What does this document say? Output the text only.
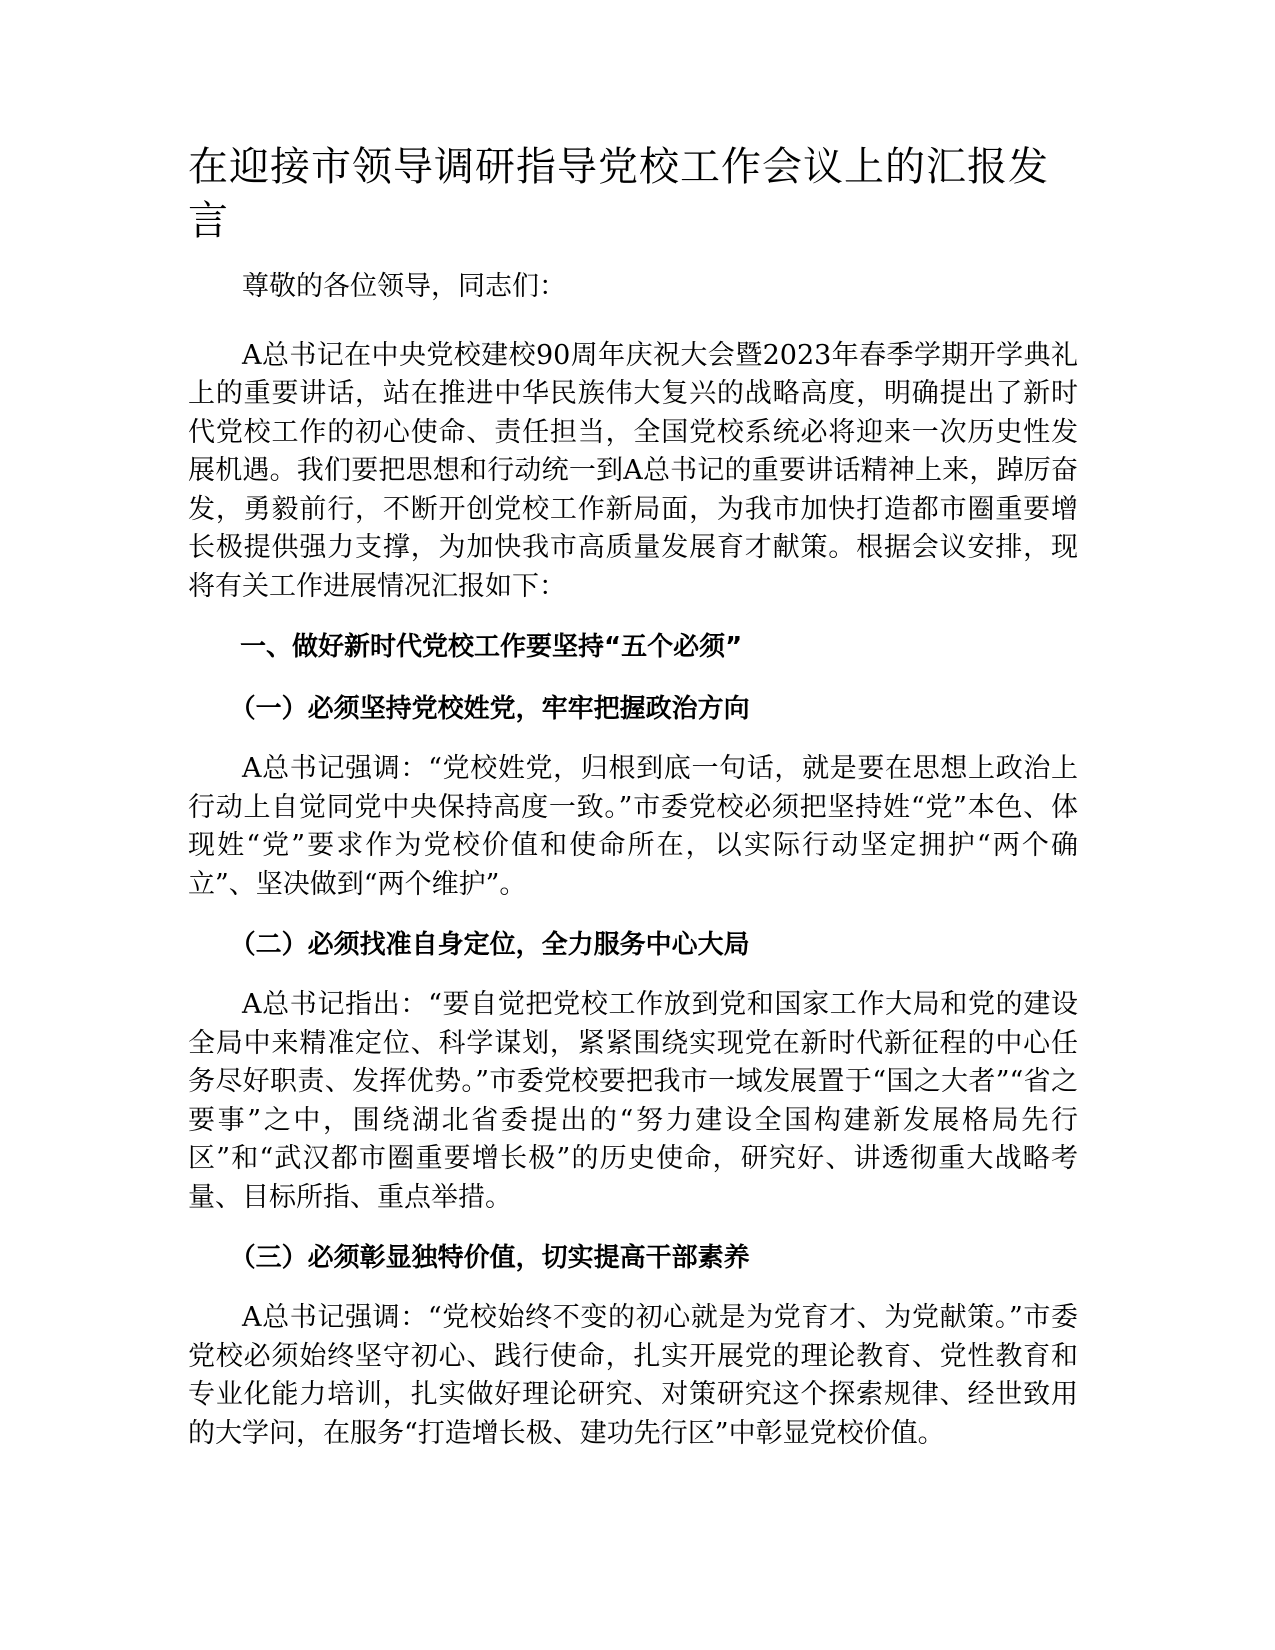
在迎接市领导调研指导党校工作会议上的汇报发言

尊敬的各位领导，同志们：

A总书记在中央党校建校90周年庆祝大会暨2023年春季学期开学典礼上的重要讲话，站在推进中华民族伟大复兴的战略高度，明确提出了新时代党校工作的初心使命、责任担当，全国党校系统必将迎来一次历史性发展机遇。我们要把思想和行动统一到A总书记的重要讲话精神上来，踔厉奋发，勇毅前行，不断开创党校工作新局面，为我市加快打造都市圈重要增长极提供强力支撑，为加快我市高质量发展育才献策。根据会议安排，现将有关工作进展情况汇报如下：

一、做好新时代党校工作要坚持“五个必须”

（一）必须坚持党校姓党，牢牢把握政治方向

A总书记强调：“党校姓党，归根到底一句话，就是要在思想上政治上行动上自觉同党中央保持高度一致。”市委党校必须把坚持姓“党”本色、体现姓“党”要求作为党校价值和使命所在，以实际行动坚定拥护“两个确立”、坚决做到“两个维护”。

（二）必须找准自身定位，全力服务中心大局

A总书记指出：“要自觉把党校工作放到党和国家工作大局和党的建设全局中来精准定位、科学谋划，紧紧围绕实现党在新时代新征程的中心任务尽好职责、发挥优势。”市委党校要把我市一域发展置于“国之大者”“省之要事”之中，围绕湖北省委提出的“努力建设全国构建新发展格局先行区”和“武汉都市圈重要增长极”的历史使命，研究好、讲透彻重大战略考量、目标所指、重点举措。

（三）必须彰显独特价值，切实提高干部素养

A总书记强调：“党校始终不变的初心就是为党育才、为党献策。”市委党校必须始终坚守初心、践行使命，扎实开展党的理论教育、党性教育和专业化能力培训，扎实做好理论研究、对策研究这个探索规律、经世致用的大学问，在服务“打造增长极、建功先行区”中彰显党校价值。
